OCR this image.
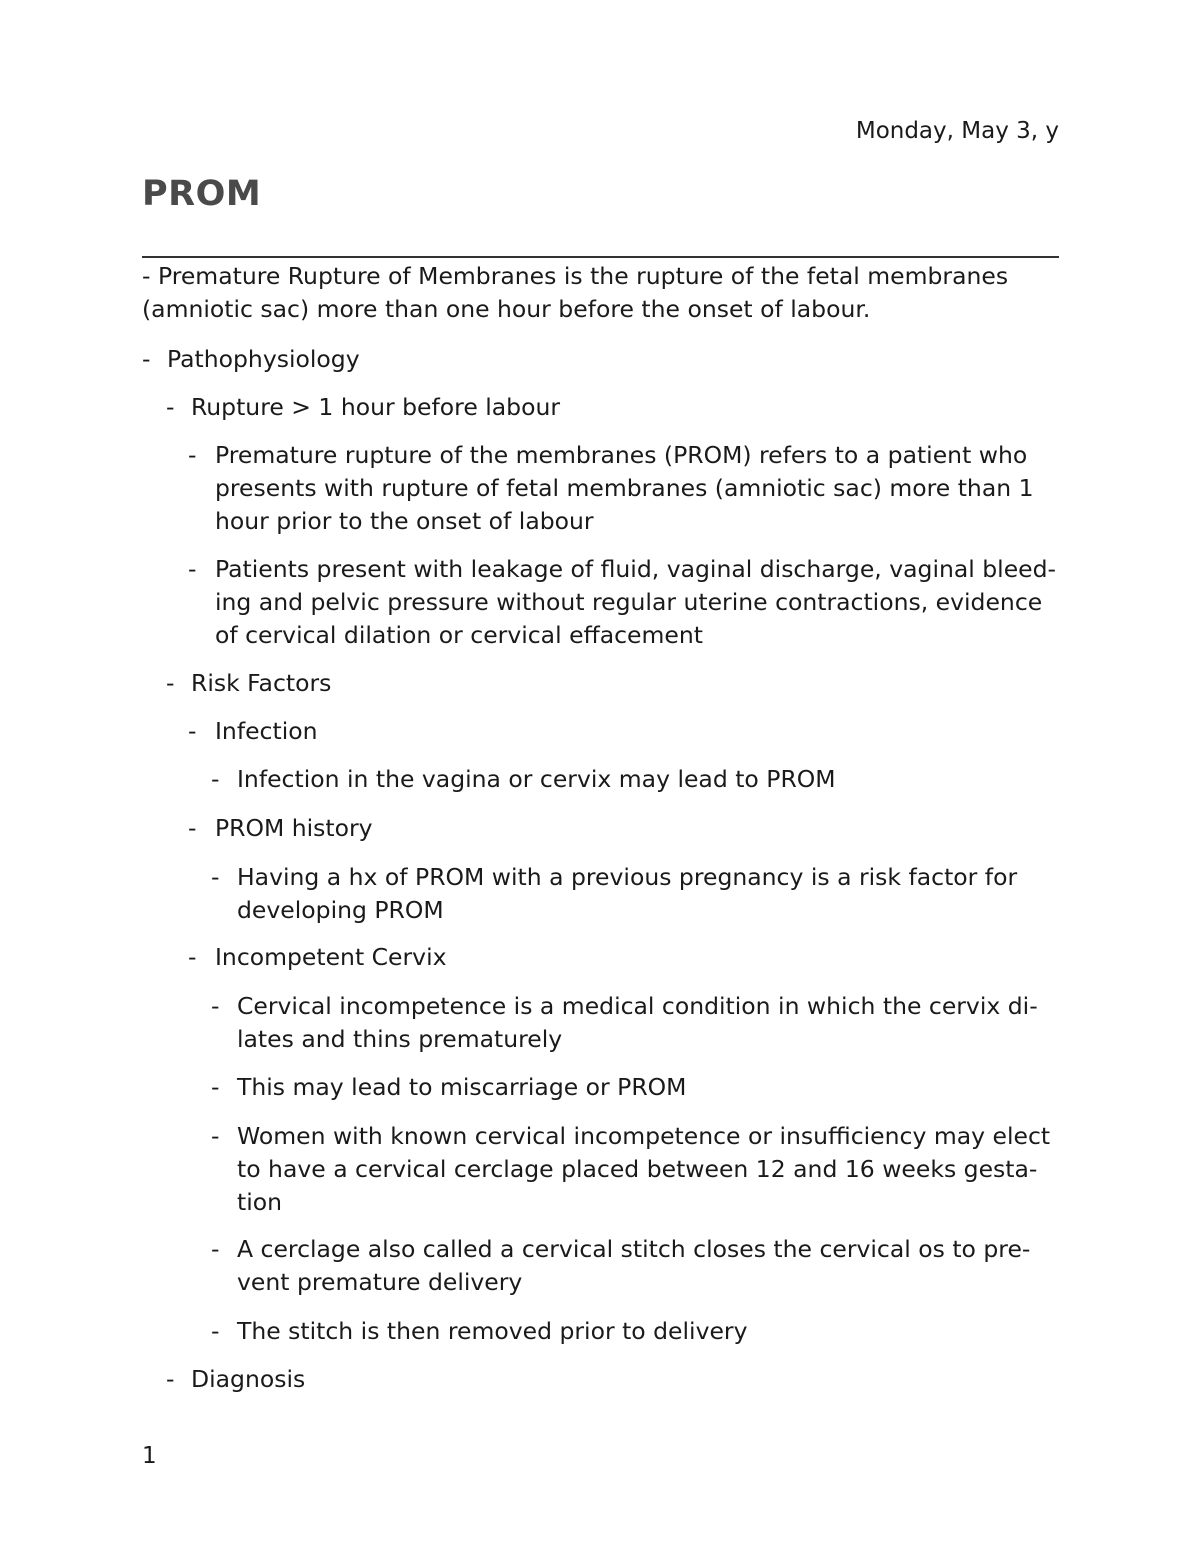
Monday, May 3, y
PROM
- Premature Rupture of Membranes is the rupture of the fetal membranes (amniotic sac) more than one hour before the onset of labour.
- Pathophysiology
- Rupture > 1 hour before labour
- Premature rupture of the membranes (PROM) refers to a patient who presents with rupture of fetal membranes (amniotic sac) more than 1 hour prior to the onset of labour
- Patients present with leakage of fluid, vaginal discharge, vaginal bleed-ing and pelvic pressure without regular uterine contractions, evidence of cervical dilation or cervical effacement
- Risk Factors
- Infection
- Infection in the vagina or cervix may lead to PROM
- PROM history
- Having a hx of PROM with a previous pregnancy is a risk factor for developing PROM
- Incompetent Cervix
- Cervical incompetence is a medical condition in which the cervix di-lates and thins prematurely
- This may lead to miscarriage or PROM
- Women with known cervical incompetence or insufficiency may elect to have a cervical cerclage placed between 12 and 16 weeks gesta-tion
- A cerclage also called a cervical stitch closes the cervical os to pre-vent premature delivery
- The stitch is then removed prior to delivery
- Diagnosis
1
